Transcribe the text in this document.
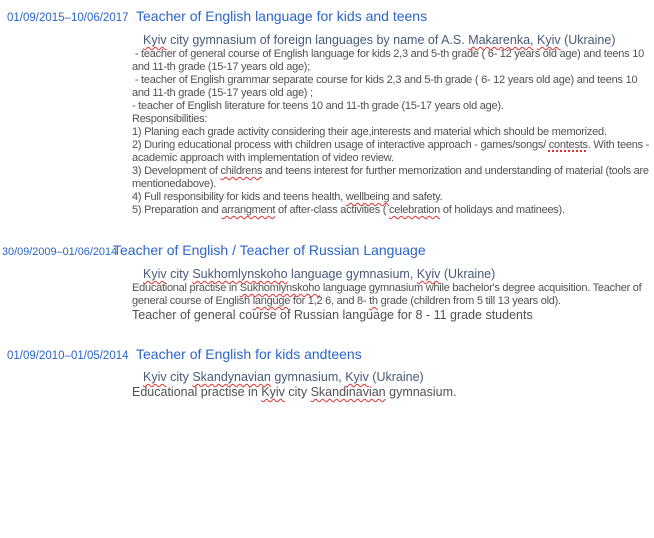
01/09/2015–10/06/2017 Teacher of English language for kids and teens

Kyiv city gymnasium of foreign languages by name of A.S. Makarenka, Kyiv (Ukraine)

- teacher of general course of English language for kids 2,3 and 5-th grade ( 6- 12 years old age) and teens 10 and 11-th grade (15-17 years old age);

- teacher of English grammar separate course for kids 2,3 and 5-th grade ( 6- 12 years old age) and teens 10 and 11-th grade (15-17 years old age) ;

- teacher of English literature for teens 10 and 11-th grade (15-17 years old age).

Responsibilities:

1) Planing each grade activity considering their age,interests and material which should be memorized.

2) During educational process with children usage of interactive approach - games/songs/ contests. With teens - academic approach with implementation of video review.

3) Development of childrens and teens interest for further memorization and understanding of material (tools are mentionedabove).

4) Full responsibility for kids and teens health, wellbeing and safety.

5) Preparation and arrangment of after-class activities ( celebration of holidays and matinees).

30/09/2009–01/06/2014
Teacher of English / Teacher of Russian Language

Kyiv city Sukhomlynskoho language gymnasium, Kyiv (Ukraine)

Educational practise in Sukhomlynskoho language gymnasium while bachelor's degree acquisition. Teacher of general course of English languge for 1,2 6, and 8- th grade (children from 5 till 13 years old).

Teacher of general course of Russian language for 8 - 11 grade students

01/09/2010–01/05/2014 Teacher of English for kids andteens

Kyiv city Skandynavian gymnasium, Kyiv (Ukraine)

Educational practise in Kyiv city Skandinavian gymnasium.
